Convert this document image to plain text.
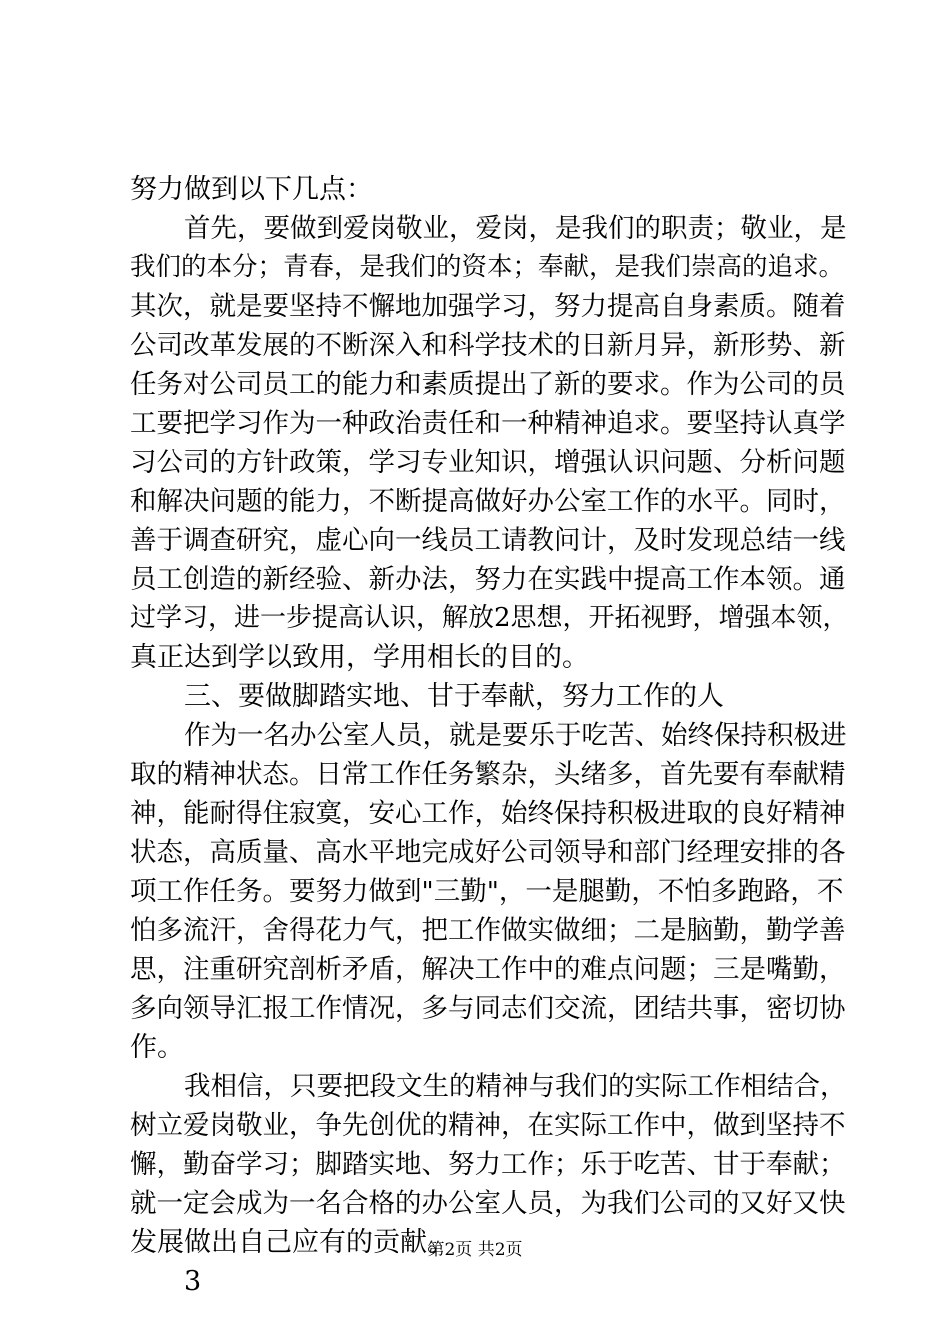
努力做到以下几点：
首先，要做到爱岗敬业，爱岗，是我们的职责；敬业，是
我们的本分；青春，是我们的资本；奉献，是我们崇高的追求。
其次，就是要坚持不懈地加强学习，努力提高自身素质。随着
公司改革发展的不断深入和科学技术的日新月异，新形势、新
任务对公司员工的能力和素质提出了新的要求。作为公司的员
工要把学习作为一种政治责任和一种精神追求。要坚持认真学
习公司的方针政策，学习专业知识，增强认识问题、分析问题
和解决问题的能力，不断提高做好办公室工作的水平。同时，
善于调查研究，虚心向一线员工请教问计，及时发现总结一线
员工创造的新经验、新办法，努力在实践中提高工作本领。通
过学习，进一步提高认识，解放2思想，开拓视野，增强本领，
真正达到学以致用，学用相长的目的。
三、要做脚踏实地、甘于奉献，努力工作的人
作为一名办公室人员，就是要乐于吃苦、始终保持积极进
取的精神状态。日常工作任务繁杂，头绪多，首先要有奉献精
神，能耐得住寂寞，安心工作，始终保持积极进取的良好精神
状态，高质量、高水平地完成好公司领导和部门经理安排的各
项工作任务。要努力做到"三勤"，一是腿勤，不怕多跑路，不
怕多流汗，舍得花力气，把工作做实做细；二是脑勤，勤学善
思，注重研究剖析矛盾，解决工作中的难点问题；三是嘴勤，
多向领导汇报工作情况，多与同志们交流，团结共事，密切协
作。
我相信，只要把段文生的精神与我们的实际工作相结合，
树立爱岗敬业，争先创优的精神，在实际工作中，做到坚持不
懈，勤奋学习；脚踏实地、努力工作；乐于吃苦、甘于奉献；
就一定会成为一名合格的办公室人员，为我们公司的又好又快
发展做出自己应有的贡献。
3
第2页 共2页
